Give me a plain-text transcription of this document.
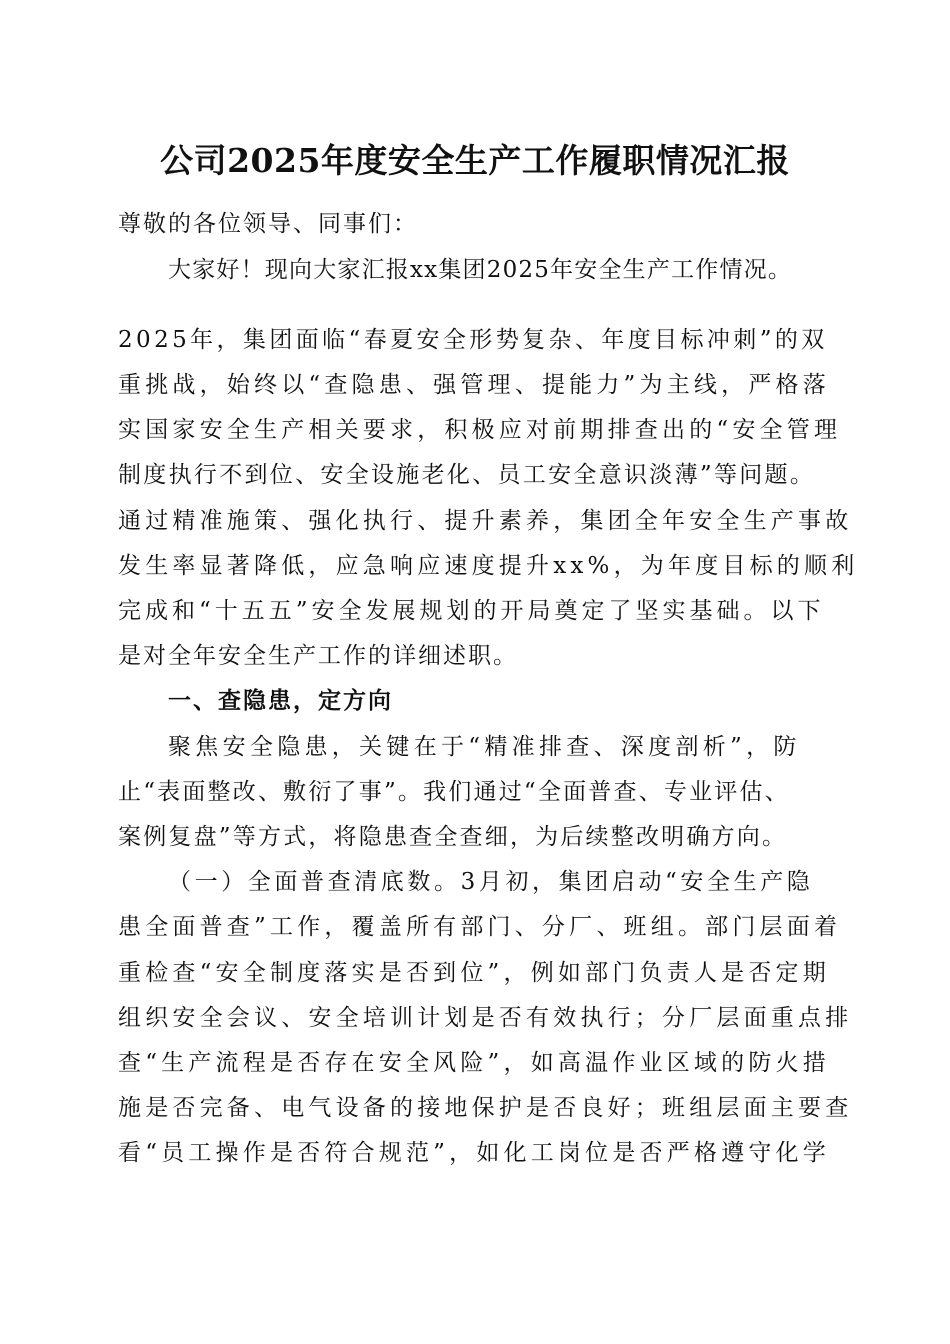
公司2025年度安全生产工作履职情况汇报

尊敬的各位领导、同事们：

大家好！现向大家汇报xx集团2025年安全生产工作情况。

2025年，集团面临“春夏安全形势复杂、年度目标冲刺”的双

重挑战，始终以“查隐患、强管理、提能力”为主线，严格落

实国家安全生产相关要求，积极应对前期排查出的“安全管理

制度执行不到位、安全设施老化、员工安全意识淡薄”等问题。

通过精准施策、强化执行、提升素养，集团全年安全生产事故

发生率显著降低，应急响应速度提升xx%，为年度目标的顺利

完成和“十五五”安全发展规划的开局奠定了坚实基础。以下

是对全年安全生产工作的详细述职。

一、查隐患，定方向

聚焦安全隐患，关键在于“精准排查、深度剖析”，防

止“表面整改、敷衍了事”。我们通过“全面普查、专业评估、

案例复盘”等方式，将隐患查全查细，为后续整改明确方向。

（一）全面普查清底数。3月初，集团启动“安全生产隐

患全面普查”工作，覆盖所有部门、分厂、班组。部门层面着

重检查“安全制度落实是否到位”，例如部门负责人是否定期

组织安全会议、安全培训计划是否有效执行；分厂层面重点排

查“生产流程是否存在安全风险”，如高温作业区域的防火措

施是否完备、电气设备的接地保护是否良好；班组层面主要查

看“员工操作是否符合规范”，如化工岗位是否严格遵守化学
